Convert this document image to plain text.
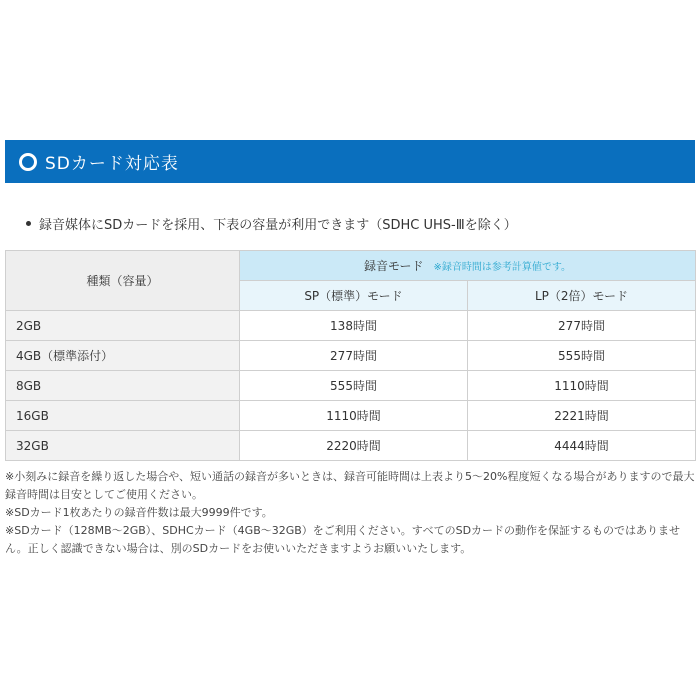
SDカード対応表
録音媒体にSDカードを採用、下表の容量が利用できます（SDHC UHS-Ⅲを除く）
種類（容量）	録音モード ※録音時間は参考計算値です。	
	SP（標準）モード	LP（2倍）モード
2GB	138時間	277時間
4GB（標準添付）	277時間	555時間
8GB	555時間	1110時間
16GB	1110時間	2221時間
32GB	2220時間	4444時間

※小刻みに録音を繰り返した場合や、短い通話の録音が多いときは、録音可能時間は上表より5～20%程度短くなる場合がありますので最大録音時間は目安としてご使用ください。

※SDカード1枚あたりの録音件数は最大9999件です。

※SDカード（128MB～2GB）、SDHCカード（4GB～32GB）をご利用ください。すべてのSDカードの動作を保証するものではありません。正しく認識できない場合は、別のSDカードをお使いいただきますようお願いいたします。
